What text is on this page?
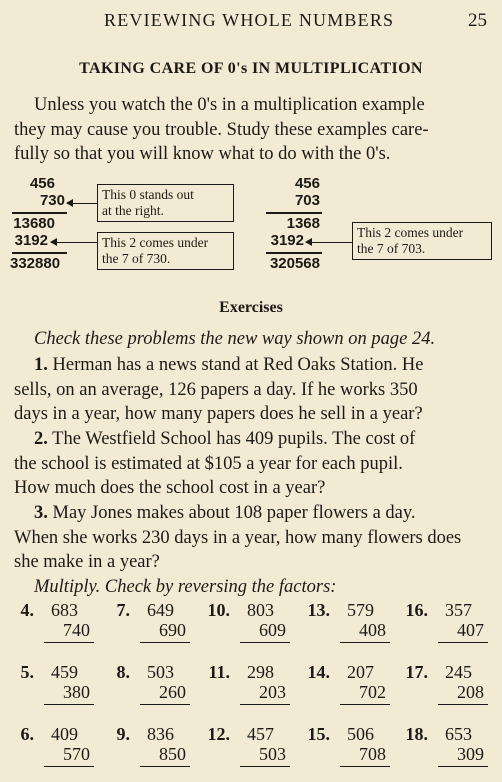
REVIEWING WHOLE NUMBERS	25
TAKING CARE OF 0's IN MULTIPLICATION
Unless you watch the 0's in a multiplication example
they may cause you trouble. Study these examples care-
fully so that you will know what to do with the 0's.
456
730
13680
3192
332880
This 0 stands out
at the right.
This 2 comes under
the 7 of 730.
456
703
1368
3192
320568
This 2 comes under
the 7 of 703.
Exercises
Check these problems the new way shown on page 24.
1. Herman has a news stand at Red Oaks Station. He
sells, on an average, 126 papers a day. If he works 350
days in a year, how many papers does he sell in a year?
2. The Westfield School has 409 pupils. The cost of
the school is estimated at $105 a year for each pupil.
How much does the school cost in a year?
3. May Jones makes about 108 paper flowers a day.
When she works 230 days in a year, how many flowers does
she make in a year?
Multiply. Check by reversing the factors:
4. 683
740
7. 649
690
10. 803
609
13. 579
408
16. 357
407
5. 459
380
8. 503
260
11. 298
203
14. 207
702
17. 245
208
6. 409
570
9. 836
850
12. 457
503
15. 506
708
18. 653
309
